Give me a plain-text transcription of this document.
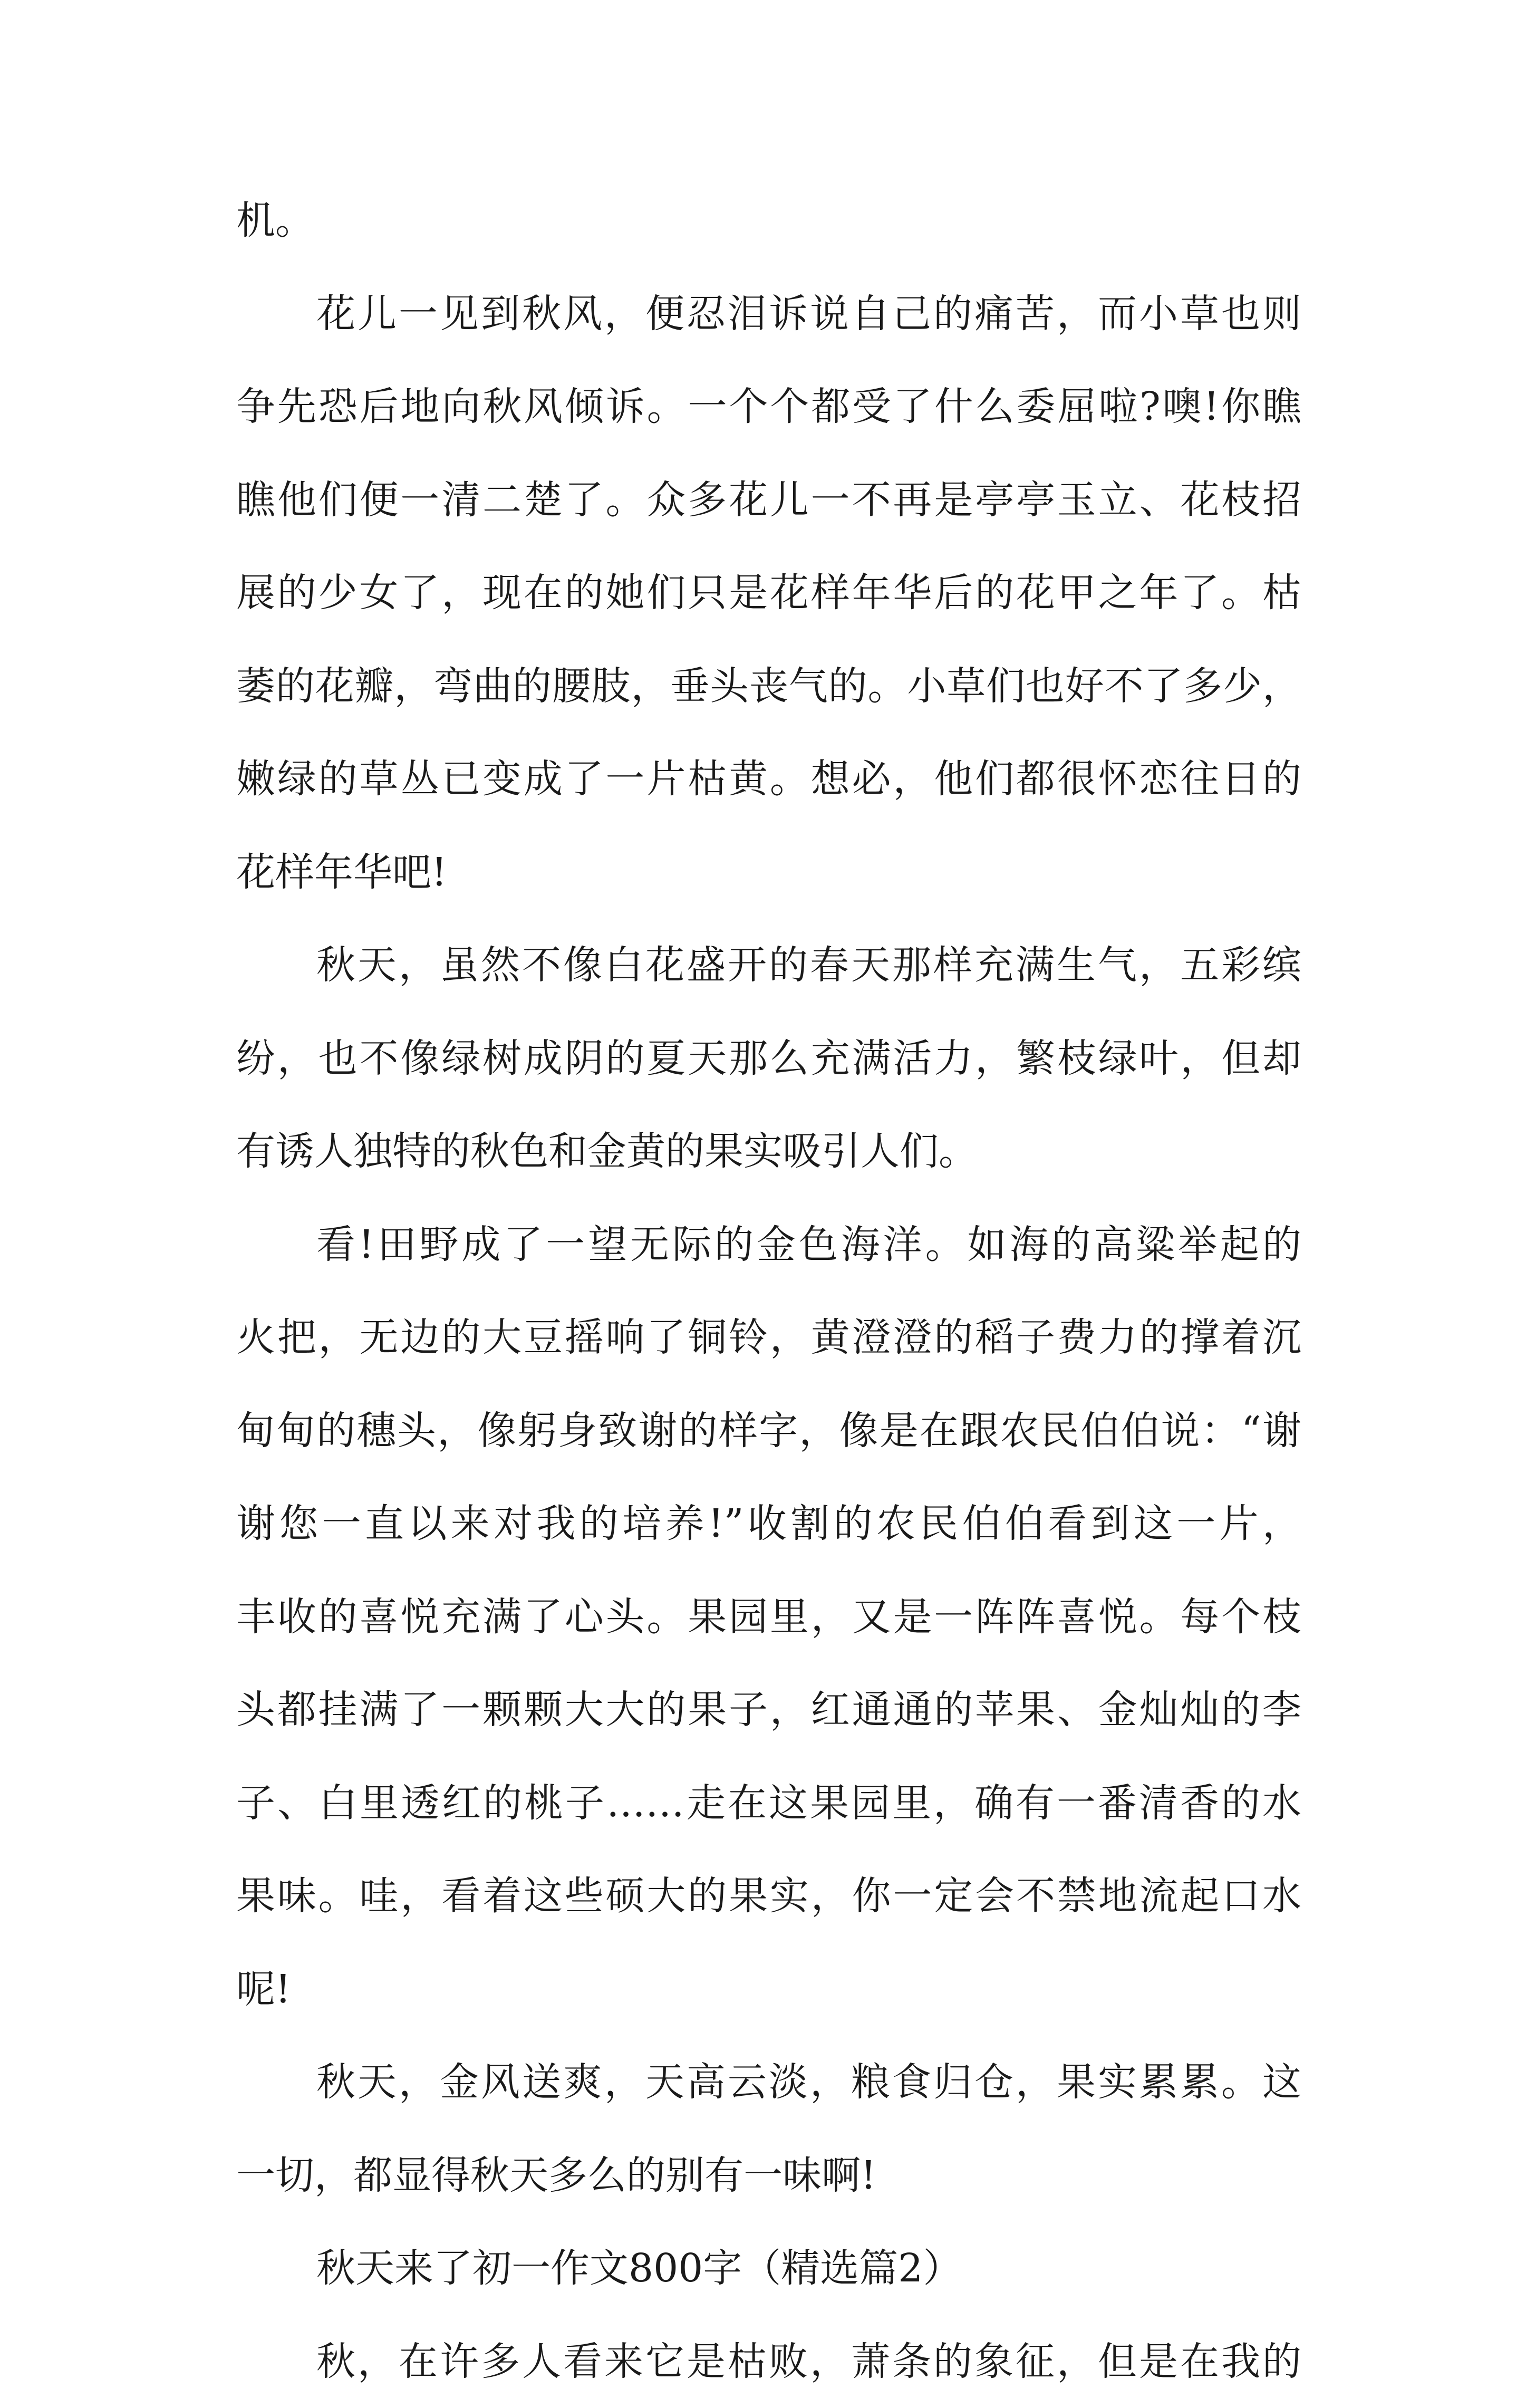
机。
花儿一见到秋风，便忍泪诉说自己的痛苦，而小草也则
争先恐后地向秋风倾诉。一个个都受了什么委屈啦?噢!你瞧
瞧他们便一清二楚了。众多花儿一不再是亭亭玉立、花枝招
展的少女了，现在的她们只是花样年华后的花甲之年了。枯
萎的花瓣，弯曲的腰肢，垂头丧气的。小草们也好不了多少，
嫩绿的草丛已变成了一片枯黄。想必，他们都很怀恋往日的
花样年华吧!
秋天，虽然不像白花盛开的春天那样充满生气，五彩缤
纷，也不像绿树成阴的夏天那么充满活力，繁枝绿叶，但却
有诱人独特的秋色和金黄的果实吸引人们。
看!田野成了一望无际的金色海洋。如海的高粱举起的
火把，无边的大豆摇响了铜铃，黄澄澄的稻子费力的撑着沉
甸甸的穗头，像躬身致谢的样字，像是在跟农民伯伯说：“谢
谢您一直以来对我的培养!”收割的农民伯伯看到这一片，
丰收的喜悦充满了心头。果园里，又是一阵阵喜悦。每个枝
头都挂满了一颗颗大大的果子，红通通的苹果、金灿灿的李
子、白里透红的桃子……走在这果园里，确有一番清香的水
果味。哇，看着这些硕大的果实，你一定会不禁地流起口水
呢!
秋天，金风送爽，天高云淡，粮食归仓，果实累累。这
一切，都显得秋天多么的别有一味啊!
秋天来了初一作文800字（精选篇2）
秋，在许多人看来它是枯败，萧条的象征，但是在我的
